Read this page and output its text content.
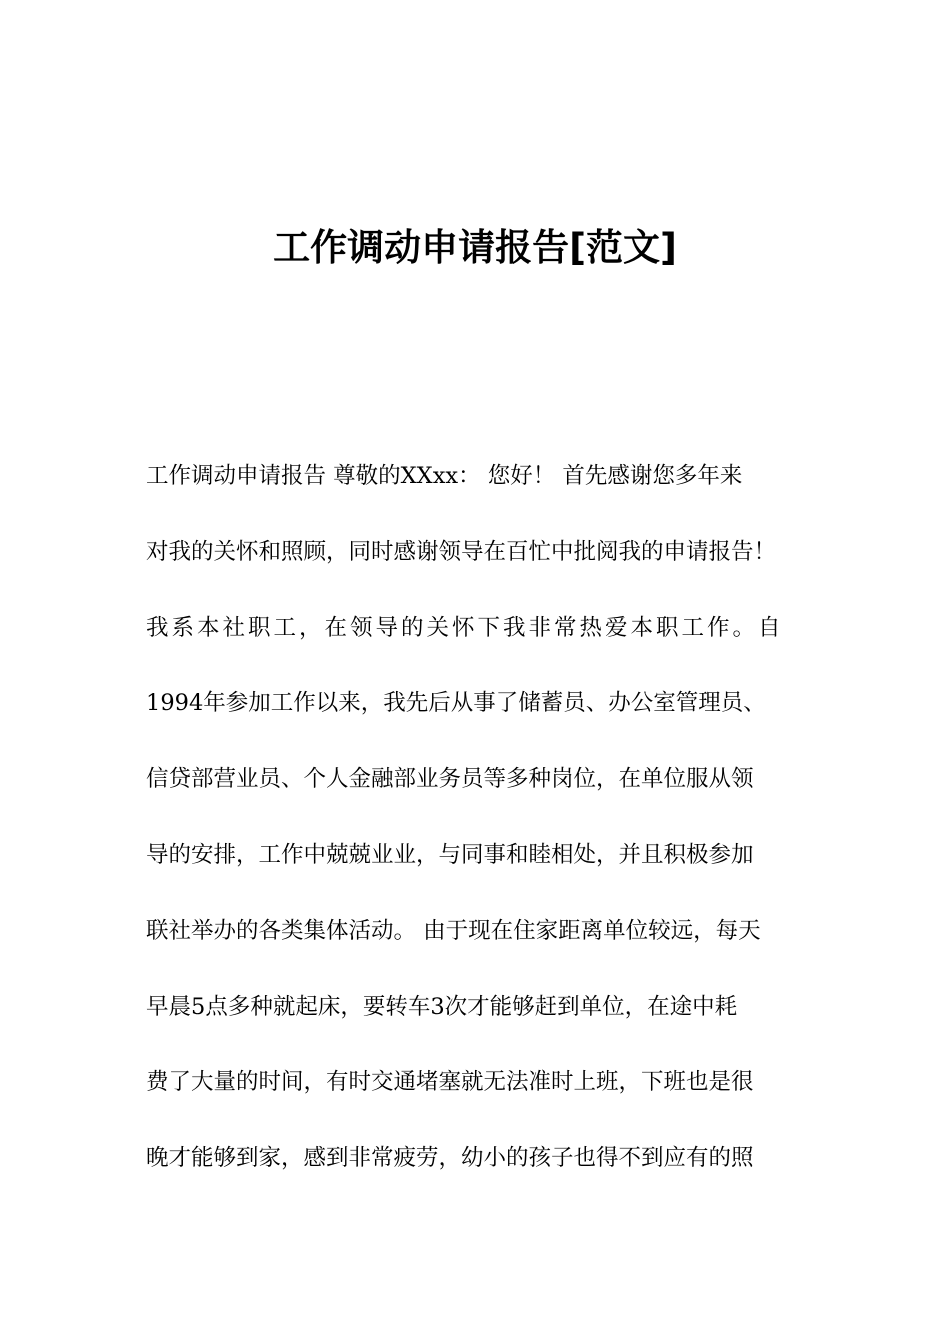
工作调动申请报告[范文]
工作调动申请报告 尊敬的XXxx： 您好！ 首先感谢您多年来
对我的关怀和照顾，同时感谢领导在百忙中批阅我的申请报告！
我系本社职工，在领导的关怀下我非常热爱本职工作。自
1994年参加工作以来，我先后从事了储蓄员、办公室管理员、
信贷部营业员、个人金融部业务员等多种岗位，在单位服从领
导的安排，工作中兢兢业业，与同事和睦相处，并且积极参加
联社举办的各类集体活动。 由于现在住家距离单位较远，每天
早晨5点多种就起床，要转车3次才能够赶到单位，在途中耗
费了大量的时间，有时交通堵塞就无法准时上班，下班也是很
晚才能够到家，感到非常疲劳，幼小的孩子也得不到应有的照
